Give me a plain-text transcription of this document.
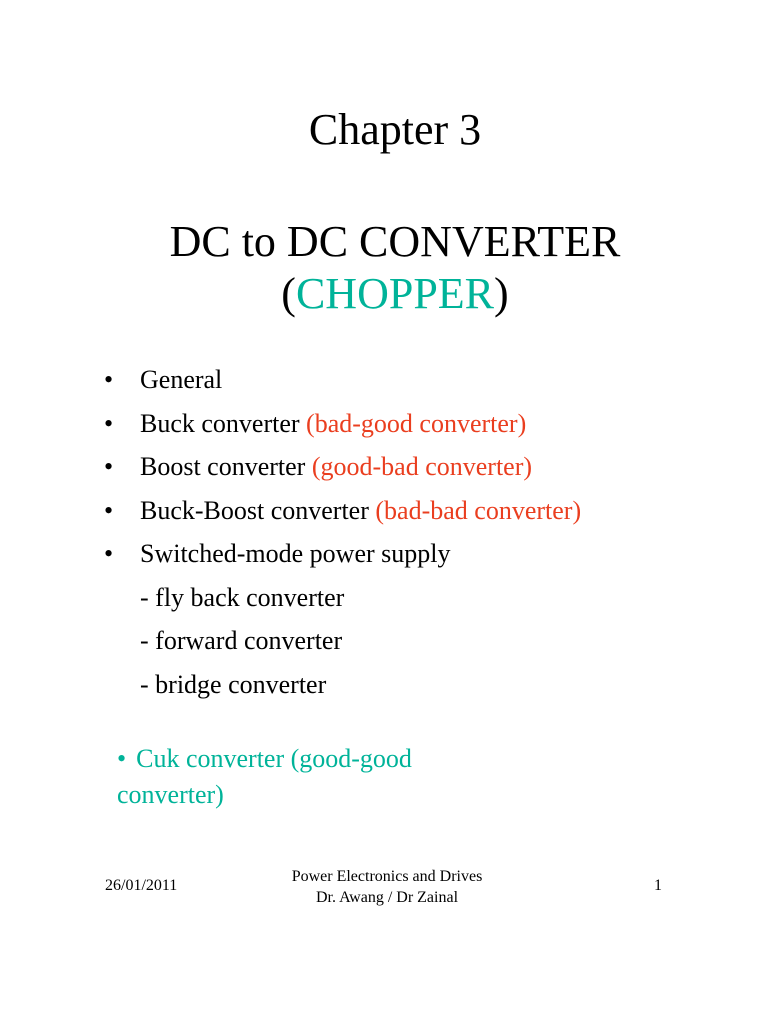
Chapter 3
DC to DC CONVERTER
(CHOPPER)
• General
• Buck converter (bad-good converter)
• Boost converter (good-bad converter)
• Buck-Boost converter (bad-bad converter)
• Switched-mode power supply
- fly back converter
- forward converter
- bridge converter
• Cuk converter (good-good converter)
26/01/2011
Power Electronics and Drives
Dr. Awang / Dr Zainal
1
